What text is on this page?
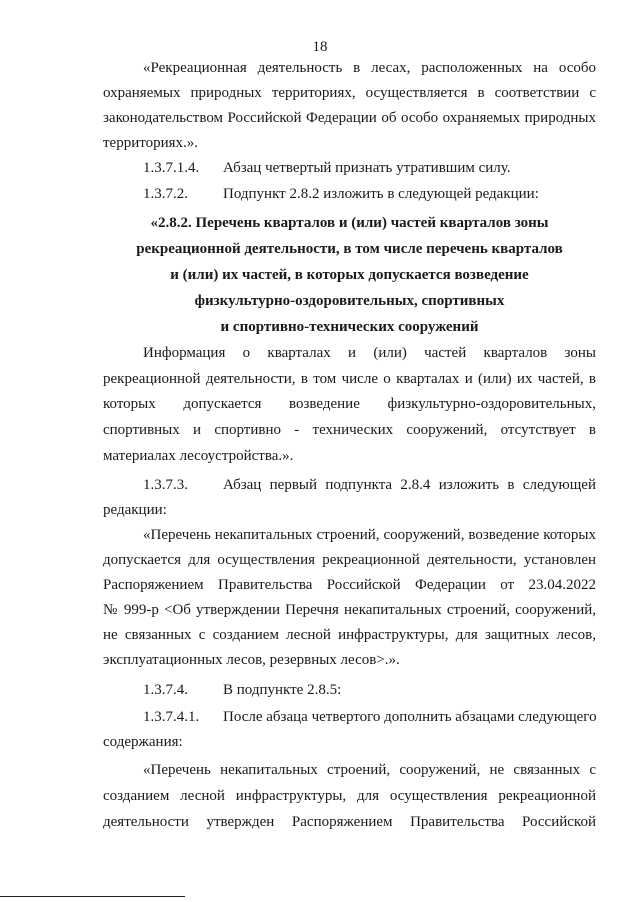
18
«Рекреационная деятельность в лесах, расположенных на особо
охраняемых природных территориях, осуществляется в соответствии с
законодательством Российской Федерации об особо охраняемых природных
территориях.».
1.3.7.1.4. Абзац четвертый признать утратившим силу.
1.3.7.2. Подпункт 2.8.2 изложить в следующей редакции:
«2.8.2. Перечень кварталов и (или) частей кварталов зоны
рекреационной деятельности, в том числе перечень кварталов
и (или) их частей, в которых допускается возведение
физкультурно-оздоровительных, спортивных
и спортивно-технических сооружений
Информация о кварталах и (или) частей кварталов зоны
рекреационной деятельности, в том числе о кварталах и (или) их частей, в
которых допускается возведение физкультурно-оздоровительных,
спортивных и спортивно - технических сооружений, отсутствует в
материалах лесоустройства.».
1.3.7.3. Абзац первый подпункта 2.8.4 изложить в следующей
редакции:
«Перечень некапитальных строений, сооружений, возведение которых
допускается для осуществления рекреационной деятельности, установлен
Распоряжением Правительства Российской Федерации от 23.04.2022
№ 999-р <Об утверждении Перечня некапитальных строений, сооружений,
не связанных с созданием лесной инфраструктуры, для защитных лесов,
эксплуатационных лесов, резервных лесов>.».
1.3.7.4. В подпункте 2.8.5:
1.3.7.4.1. После абзаца четвертого дополнить абзацами следующего
содержания:
«Перечень некапитальных строений, сооружений, не связанных с
созданием лесной инфраструктуры, для осуществления рекреационной
деятельности утвержден Распоряжением Правительства Российской
